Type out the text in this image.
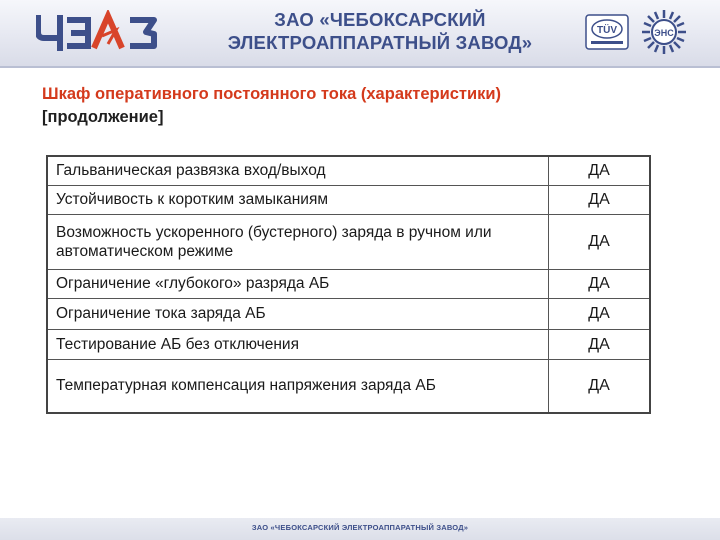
ЗАО «ЧЕБОКСАРСКИЙ
ЭЛЕКТРОАППАРАТНЫЙ ЗАВОД»
TÜV	ЭНС
Шкаф оперативного постоянного тока (характеристики)
[продолжение]
Гальваническая развязка вход/выход	ДА
Устойчивость к коротким замыканиям	ДА
Возможность ускоренного (бустерного) заряда в ручном или автоматическом режиме	ДА
Ограничение «глубокого» разряда АБ	ДА
Ограничение тока заряда АБ	ДА
Тестирование АБ без отключения	ДА
Температурная компенсация напряжения заряда АБ	ДА
ЗАО «ЧЕБОКСАРСКИЙ ЭЛЕКТРОАППАРАТНЫЙ ЗАВОД»
